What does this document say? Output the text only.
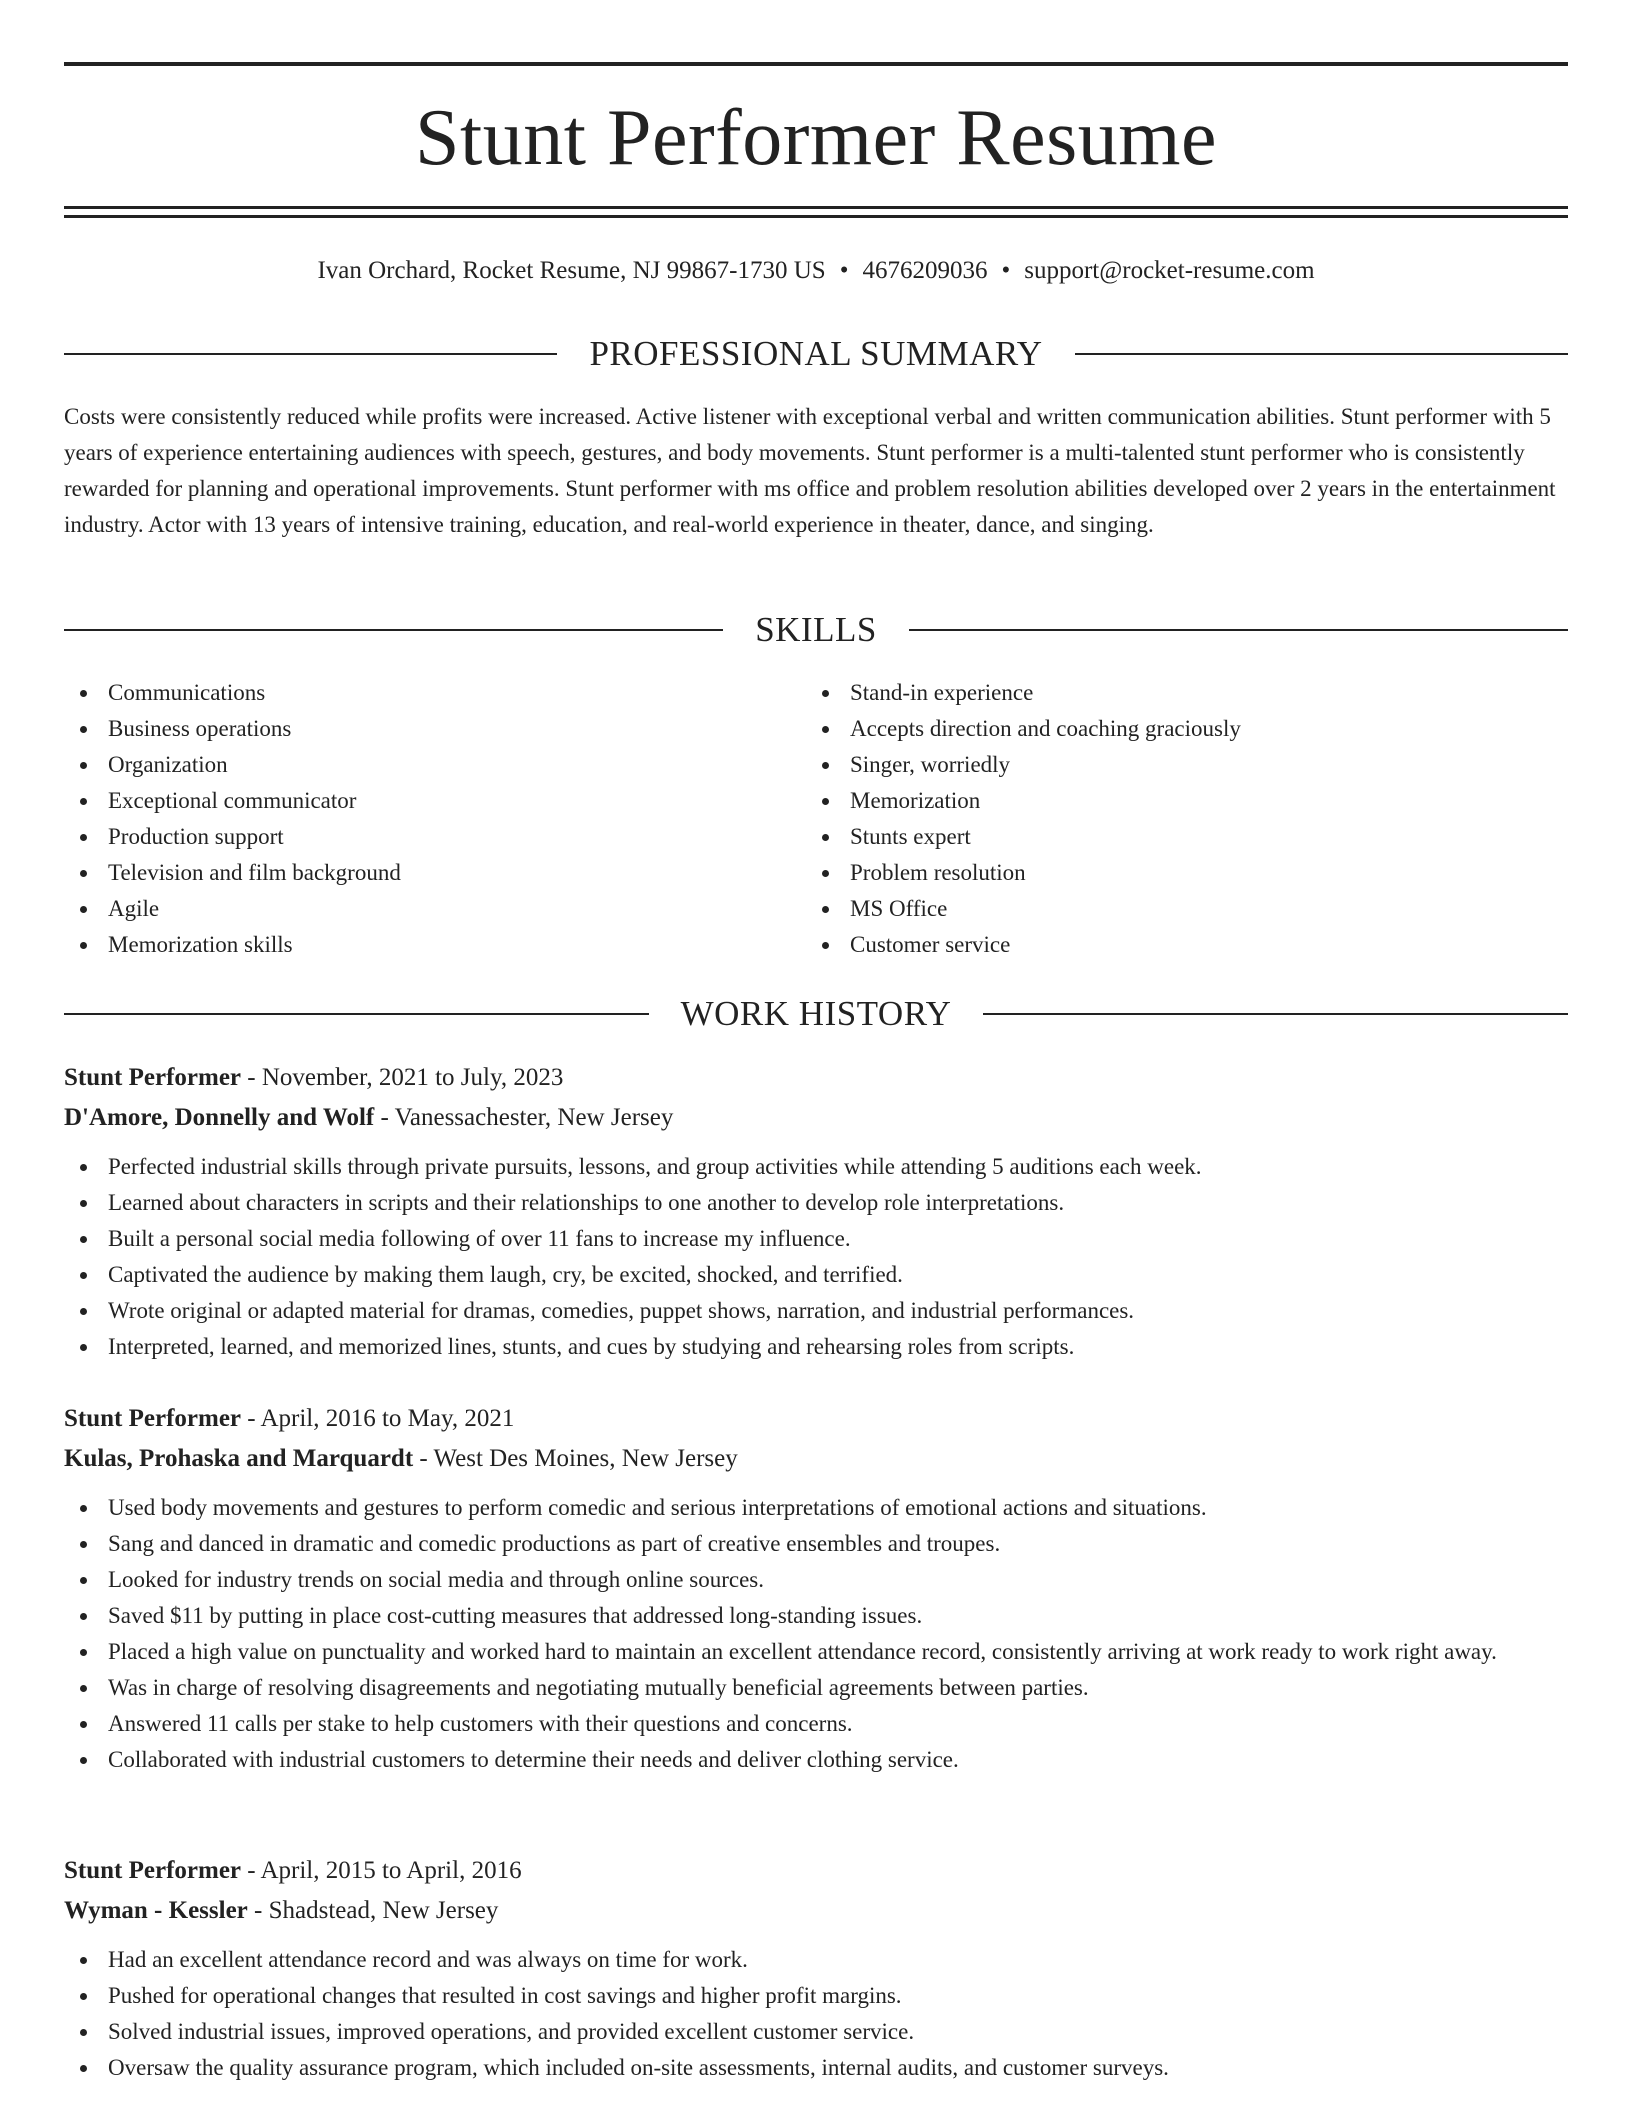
Stunt Performer Resume
Ivan Orchard, Rocket Resume, NJ 99867-1730 US • 4676209036 • support@rocket-resume.com
PROFESSIONAL SUMMARY

Costs were consistently reduced while profits were increased. Active listener with exceptional verbal and written communication abilities. Stunt performer with 5 years of experience entertaining audiences with speech, gestures, and body movements. Stunt performer is a multi-talented stunt performer who is consistently rewarded for planning and operational improvements. Stunt performer with ms office and problem resolution abilities developed over 2 years in the entertainment industry. Actor with 13 years of intensive training, education, and real-world experience in theater, dance, and singing.

SKILLS
Communications
Business operations
Organization
Exceptional communicator
Production support
Television and film background
Agile
Memorization skills
Stand-in experience
Accepts direction and coaching graciously
Singer, worriedly
Memorization
Stunts expert
Problem resolution
MS Office
Customer service
WORK HISTORY
Stunt Performer - November, 2021 to July, 2023
D'Amore, Donnelly and Wolf - Vanessachester, New Jersey
Perfected industrial skills through private pursuits, lessons, and group activities while attending 5 auditions each week.
Learned about characters in scripts and their relationships to one another to develop role interpretations.
Built a personal social media following of over 11 fans to increase my influence.
Captivated the audience by making them laugh, cry, be excited, shocked, and terrified.
Wrote original or adapted material for dramas, comedies, puppet shows, narration, and industrial performances.
Interpreted, learned, and memorized lines, stunts, and cues by studying and rehearsing roles from scripts.
Stunt Performer - April, 2016 to May, 2021
Kulas, Prohaska and Marquardt - West Des Moines, New Jersey
Used body movements and gestures to perform comedic and serious interpretations of emotional actions and situations.
Sang and danced in dramatic and comedic productions as part of creative ensembles and troupes.
Looked for industry trends on social media and through online sources.
Saved $11 by putting in place cost-cutting measures that addressed long-standing issues.
Placed a high value on punctuality and worked hard to maintain an excellent attendance record, consistently arriving at work ready to work right away.
Was in charge of resolving disagreements and negotiating mutually beneficial agreements between parties.
Answered 11 calls per stake to help customers with their questions and concerns.
Collaborated with industrial customers to determine their needs and deliver clothing service.
Stunt Performer - April, 2015 to April, 2016
Wyman - Kessler - Shadstead, New Jersey
Had an excellent attendance record and was always on time for work.
Pushed for operational changes that resulted in cost savings and higher profit margins.
Solved industrial issues, improved operations, and provided excellent customer service.
Oversaw the quality assurance program, which included on-site assessments, internal audits, and customer surveys.
